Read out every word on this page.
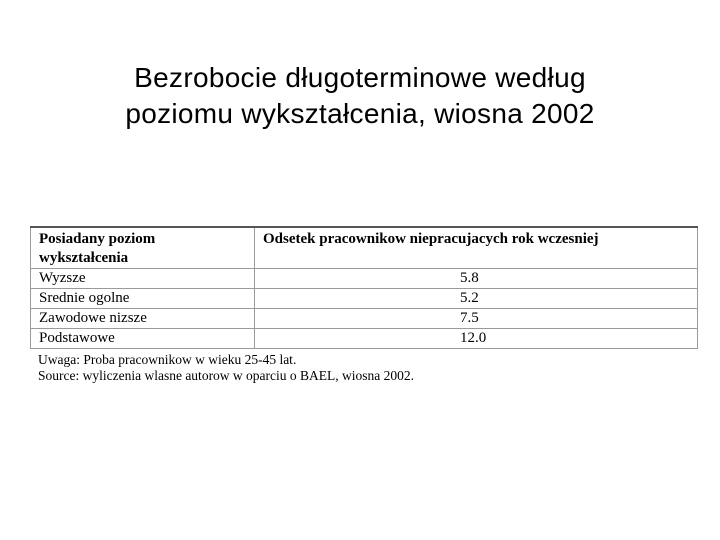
Bezrobocie długoterminowe według
poziomu wykształcenia, wiosna 2002
Posiadany poziom
wykształcenia	Odsetek pracownikow niepracujacych rok wczesniej
Wyzsze	5.8
Srednie ogolne	5.2
Zawodowe nizsze	7.5
Podstawowe	12.0
Uwaga: Proba pracownikow w wieku 25-45 lat.
Source: wyliczenia wlasne autorow w oparciu o BAEL, wiosna 2002.
